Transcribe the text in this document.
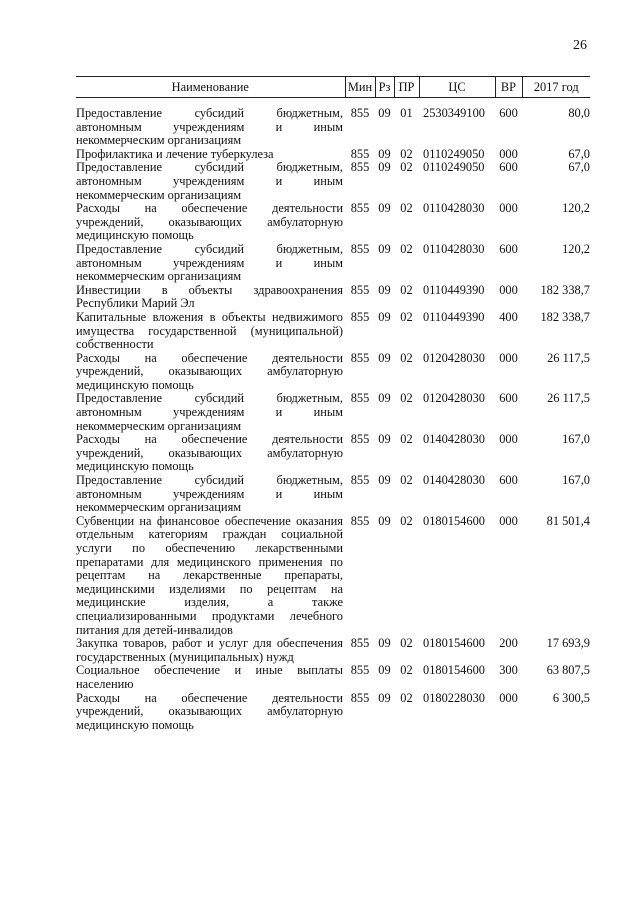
26
Наименование	Мин	Рз	ПР	ЦС	ВР	2017 год

Предоставление субсидий бюджетным, автономным учреждениям и иным некоммерческим организациям	855	09	01	2530349100	600	80,0
Профилактика и лечение туберкулеза	855	09	02	0110249050	000	67,0
Предоставление субсидий бюджетным, автономным учреждениям и иным некоммерческим организациям	855	09	02	0110249050	600	67,0
Расходы на обеспечение деятельности учреждений, оказывающих амбулаторную медицинскую помощь	855	09	02	0110428030	000	120,2
Предоставление субсидий бюджетным, автономным учреждениям и иным некоммерческим организациям	855	09	02	0110428030	600	120,2
Инвестиции в объекты здравоохранения Республики Марий Эл	855	09	02	0110449390	000	182 338,7
Капитальные вложения в объекты недвижимого имущества государственной (муниципальной) собственности	855	09	02	0110449390	400	182 338,7
Расходы на обеспечение деятельности учреждений, оказывающих амбулаторную медицинскую помощь	855	09	02	0120428030	000	26 117,5
Предоставление субсидий бюджетным, автономным учреждениям и иным некоммерческим организациям	855	09	02	0120428030	600	26 117,5
Расходы на обеспечение деятельности учреждений, оказывающих амбулаторную медицинскую помощь	855	09	02	0140428030	000	167,0
Предоставление субсидий бюджетным, автономным учреждениям и иным некоммерческим организациям	855	09	02	0140428030	600	167,0
Субвенции на финансовое обеспечение оказания отдельным категориям граждан социальной услуги по обеспечению лекарственными препаратами для медицинского применения по рецептам на лекарственные препараты, медицинскими изделиями по рецептам на медицинские изделия, а также специализированными продуктами лечебного питания для детей-инвалидов	855	09	02	0180154600	000	81 501,4
Закупка товаров, работ и услуг для обеспечения государственных (муниципальных) нужд	855	09	02	0180154600	200	17 693,9
Социальное обеспечение и иные выплаты населению	855	09	02	0180154600	300	63 807,5
Расходы на обеспечение деятельности учреждений, оказывающих амбулаторную медицинскую помощь	855	09	02	0180228030	000	6 300,5
